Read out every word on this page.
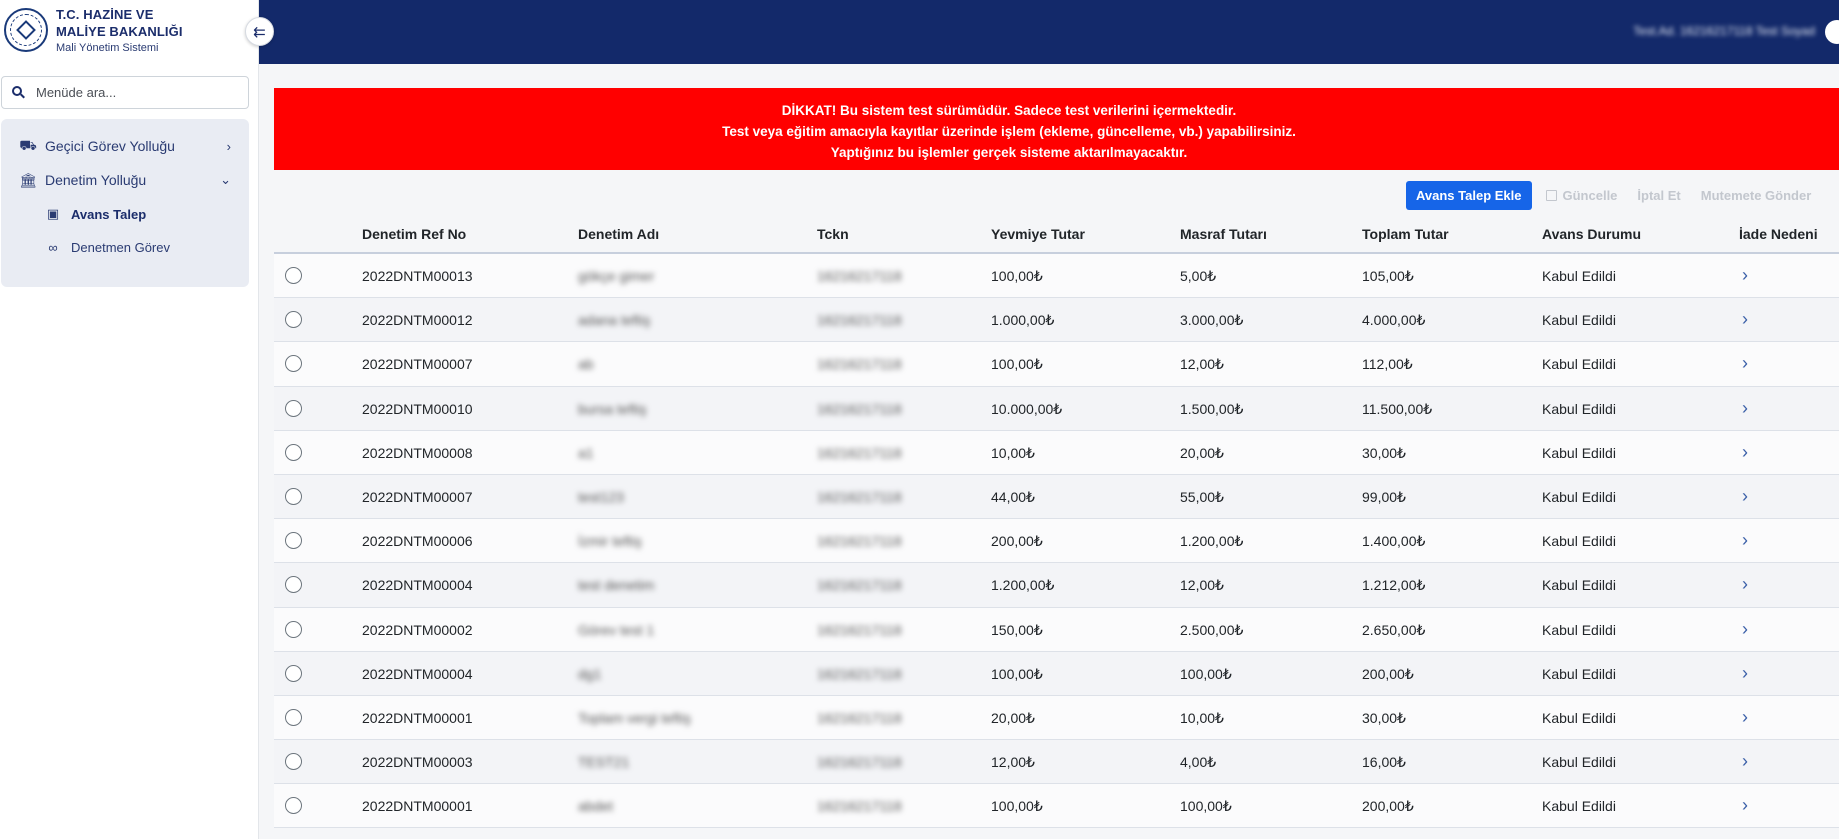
T.C. HAZİNE VE MALİYE BAKANLIĞI
Mali Yönetim Sistemi
Menüde ara...
⛟ Geçici Görev Yolluğu	›
🏛 Denetim Yolluğu	⌄
▣ Avans Talep
∞	Denetmen Görev
⇇	Test.Ad. 16216217118 Test Soyad

DİKKAT! Bu sistem test sürümüdür. Sadece test verilerini içermektedir.

Test veya eğitim amacıyla kayıtlar üzerinde işlem (ekleme, güncelleme, vb.) yapabilirsiniz.

Yaptığınız bu işlemler gerçek sisteme aktarılmayacaktır.

Avans Talep Ekle	Güncelle İptal Et Mutemete Gönder
Denetim Ref No	Denetim Adı	Tckn	Yevmiye Tutar	Masraf Tutarı	Toplam Tutar	Avans Durumu	İade Nedeni
2022DNTM00013	gökçe gimer	16216217118	100,00₺	5,00₺	105,00₺	Kabul Edildi	›
2022DNTM00012	adana teftiş	16216217118	1.000,00₺	3.000,00₺	4.000,00₺	Kabul Edildi	›
2022DNTM00007	ab	16216217118	100,00₺	12,00₺	112,00₺	Kabul Edildi	›
2022DNTM00010	bursa teftiş	16216217118	10.000,00₺	1.500,00₺	11.500,00₺	Kabul Edildi	›
2022DNTM00008	a1	16216217118	10,00₺	20,00₺	30,00₺	Kabul Edildi	›
2022DNTM00007	test123	16216217118	44,00₺	55,00₺	99,00₺	Kabul Edildi	›
2022DNTM00006	İzmir teftiş	16216217118	200,00₺	1.200,00₺	1.400,00₺	Kabul Edildi	›
2022DNTM00004	test denetim	16216217118	1.200,00₺	12,00₺	1.212,00₺	Kabul Edildi	›
2022DNTM00002	Görev test 1	16216217118	150,00₺	2.500,00₺	2.650,00₺	Kabul Edildi	›
2022DNTM00004	dg1	16216217118	100,00₺	100,00₺	200,00₺	Kabul Edildi	›
2022DNTM00001	Toplam vergi teftiş	16216217118	20,00₺	10,00₺	30,00₺	Kabul Edildi	›
2022DNTM00003	TEST21	16216217118	12,00₺	4,00₺	16,00₺	Kabul Edildi	›
2022DNTM00001	abdet	16216217118	100,00₺	100,00₺	200,00₺	Kabul Edildi	›
